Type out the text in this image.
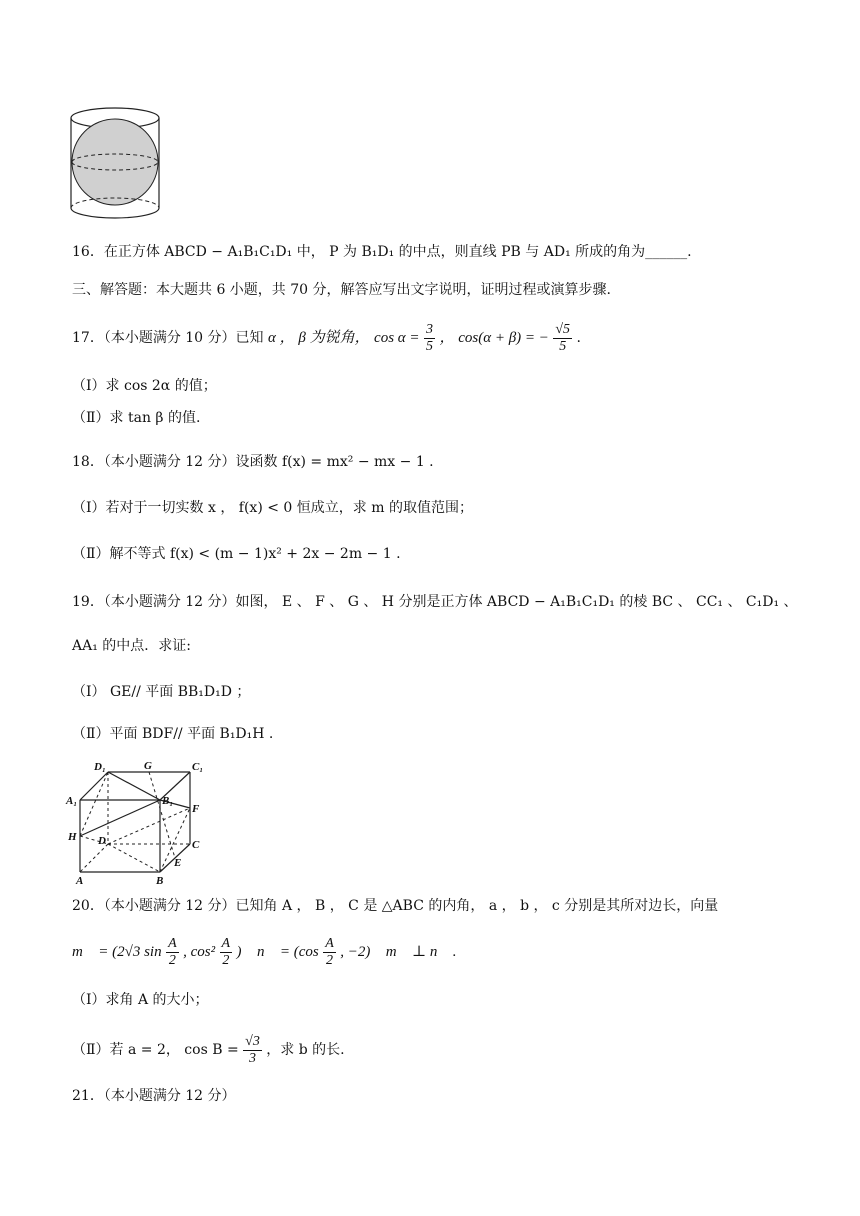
16．在正方体 ABCD − A₁B₁C₁D₁ 中， P 为 B₁D₁ 的中点，则直线 PB 与 AD₁ 所成的角为______.
三、解答题：本大题共 6 小题，共 70 分，解答应写出文字说明，证明过程或演算步骤.
17．（本小题满分 10 分）已知 α ， β 为锐角， $\cos \alpha = \frac{3}{5}$ ， cos(α + β) = − $\frac{√5}{5}$ .
（Ⅰ）求 cos 2α 的值；
（Ⅱ）求 tan β 的值.
18．（本小题满分 12 分）设函数 f(x) = mx² − mx − 1 .
（Ⅰ）若对于一切实数 x ， f(x) < 0 恒成立，求 m 的取值范围；
（Ⅱ）解不等式 f(x) < (m − 1)x² + 2x − 2m − 1 .
19．（本小题满分 12 分）如图， E 、 F 、 G 、 H 分别是正方体 ABCD − A₁B₁C₁D₁ 的棱 BC 、 CC₁ 、 C₁D₁ 、
AA₁ 的中点．求证:
（Ⅰ） GE// 平面 BB₁D₁D ；
（Ⅱ）平面 BDF// 平面 B₁D₁H .
D₁	G	C₁
A₁	B₁
F
H D	C
E
A	B
20．（本小题满分 12 分）已知角 A ， B ， C 是 △ABC 的内角， a ， b ， c 分别是其所对边长，向量
m⃗ = (2√3 $\sin \frac{A}{2}$ , $\cos^2 \frac{A}{2}$ )， n⃗ = ($\cos \frac{A}{2}$ , −2)， m⃗ ⊥ n⃗ .
（Ⅰ）求角 A 的大小；
（Ⅱ）若 a = 2， $\cos B = \frac{√3}{3}$ ，求 b 的长.
21．（本小题满分 12 分）
